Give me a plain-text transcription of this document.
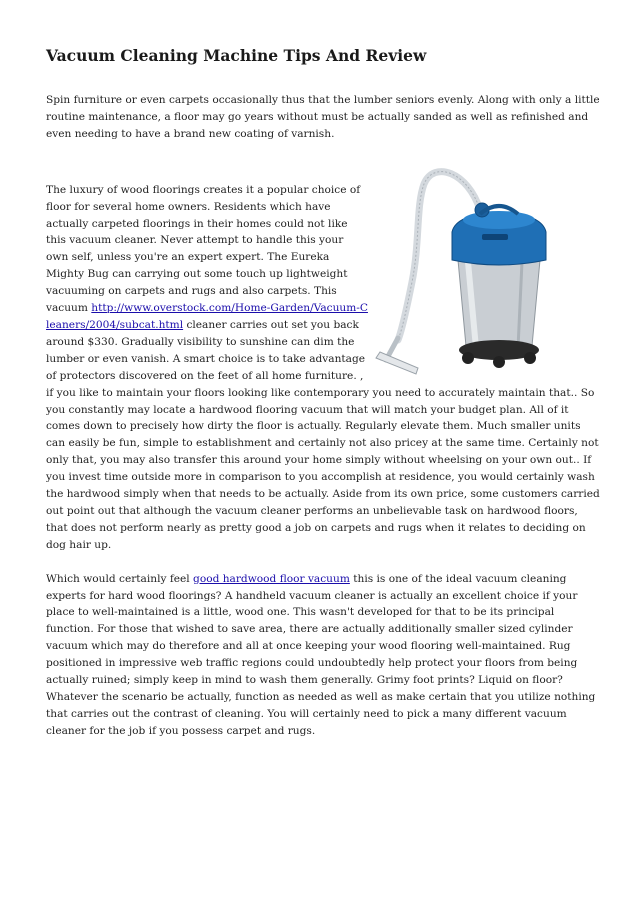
Vacuum Cleaning Machine Tips And Review

Spin furniture or even carpets occasionally thus that the lumber seniors evenly. Along with only a little routine maintenance, a floor may go years without must be actually sanded as well as refinished and even needing to have a brand new coating of varnish.

The luxury of wood floorings creates it a popular choice of floor for several home owners. Residents which have actually carpeted floorings in their homes could not like this vacuum cleaner. Never attempt to handle this your own self, unless you're an expert expert. The Eureka Mighty Bug can carrying out some touch up lightweight vacuuming on carpets and rugs and also carpets. This vacuum http://www.overstock.com/Home-Garden/Vacuum-Cleaners/2004/subcat.html cleaner carries out set you back around $330. Gradually visibility to sunshine can dim the lumber or even vanish. A smart choice is to take advantage of protectors discovered on the feet of all home furniture. , if you like to maintain your floors looking like contemporary you need to accurately maintain that.. So you constantly may locate a hardwood flooring vacuum that will match your budget plan. All of it comes down to precisely how dirty the floor is actually. Regularly elevate them. Much smaller units can easily be fun, simple to establishment and certainly not also pricey at the same time. Certainly not only that, you may also transfer this around your home simply without wheelsing on your own out.. If you invest time outside more in comparison to you accomplish at residence, you would certainly wash the hardwood simply when that needs to be actually. Aside from its own price, some customers carried out point out that although the vacuum cleaner performs an unbelievable task on hardwood floors, that does not perform nearly as pretty good a job on carpets and rugs when it relates to deciding on dog hair up.

Which would certainly feel good hardwood floor vacuum this is one of the ideal vacuum cleaning experts for hard wood floorings? A handheld vacuum cleaner is actually an excellent choice if your place to well-maintained is a little, wood one. This wasn't developed for that to be its principal function. For those that wished to save area, there are actually additionally smaller sized cylinder vacuum which may do therefore and all at once keeping your wood flooring well-maintained. Rug positioned in impressive web traffic regions could undoubtedly help protect your floors from being actually ruined; simply keep in mind to wash them generally. Grimy foot prints? Liquid on floor? Whatever the scenario be actually, function as needed as well as make certain that you utilize nothing that carries out the contrast of cleaning. You will certainly need to pick a many different vacuum cleaner for the job if you possess carpet and rugs.
